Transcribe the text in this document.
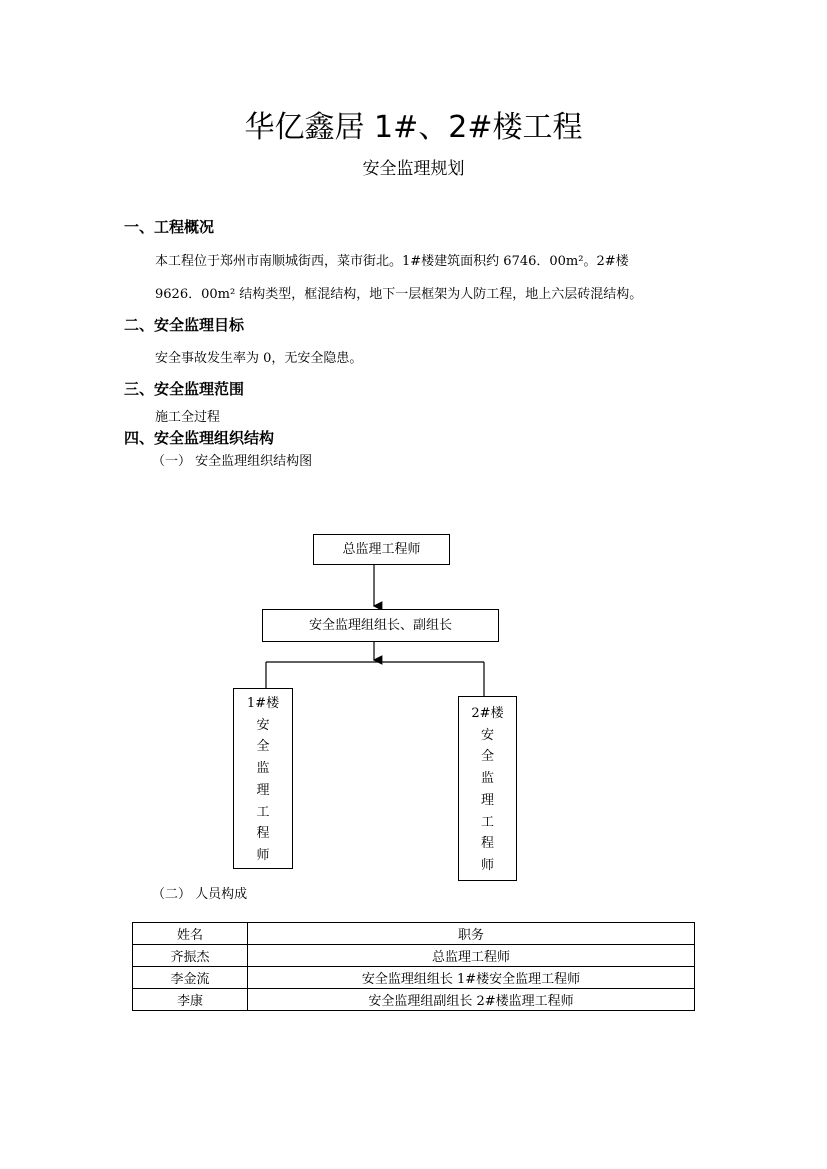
华亿鑫居 1#、2#楼工程
安全监理规划
一、工程概况
本工程位于郑州市南顺城街西，菜市街北。1#楼建筑面积约 6746．00m²。2#楼
9626．00m² 结构类型，框混结构，地下一层框架为人防工程，地上六层砖混结构。
二、安全监理目标
安全事故发生率为 0，无安全隐患。
三、安全监理范围
施工全过程
四、安全监理组织结构
（一） 安全监理组织结构图
总监理工程师
安全监理组组长、副组长
1#楼
安
全
监
理
工
程
师
2#楼
安
全
监
理
工
程
师
（二） 人员构成
姓名	职务
齐振杰	总监理工程师
李金流	安全监理组组长 1#楼安全监理工程师
李康	安全监理组副组长 2#楼监理工程师
